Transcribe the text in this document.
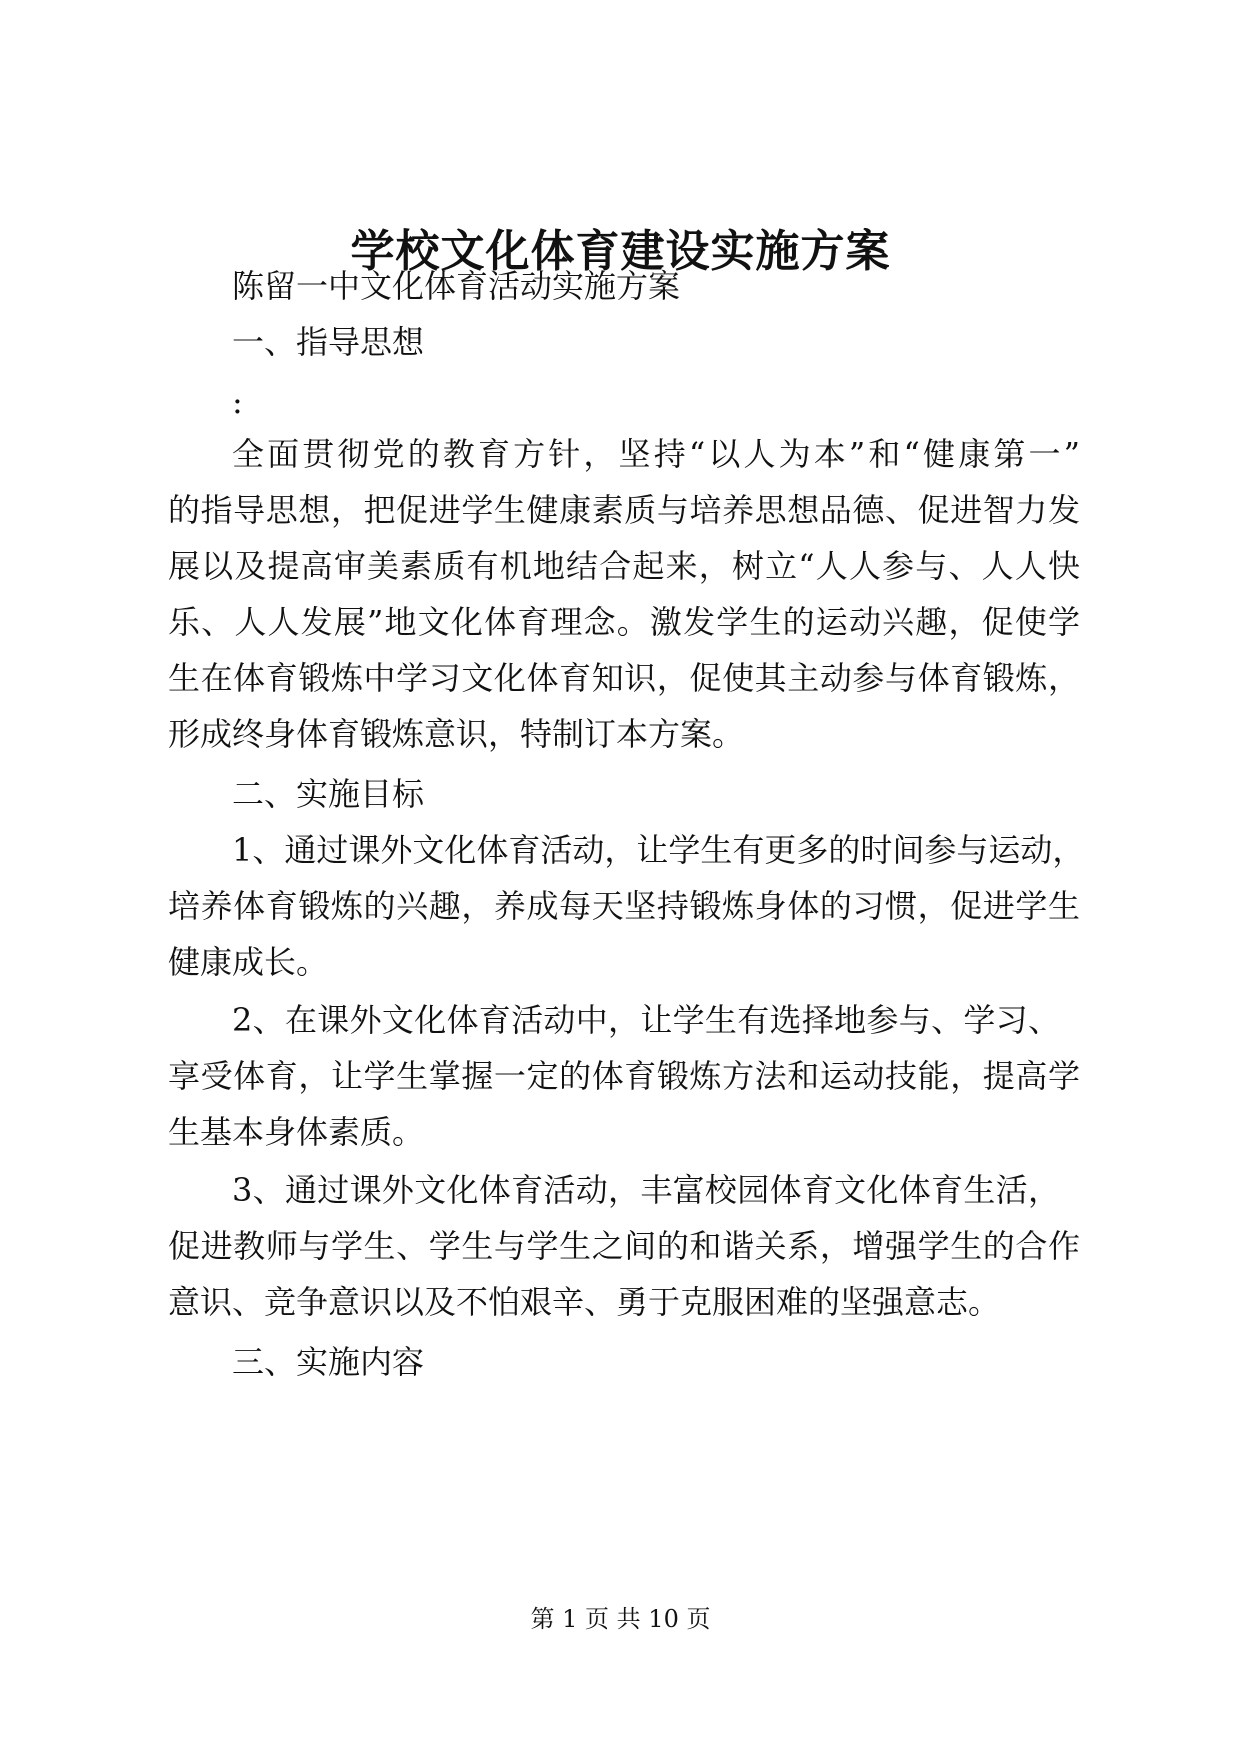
学校文化体育建设实施方案
陈留一中文化体育活动实施方案
一、指导思想
:
全面贯彻党的教育方针，坚持“以人为本”和“健康第一”
的指导思想，把促进学生健康素质与培养思想品德、促进智力发
展以及提高审美素质有机地结合起来，树立“人人参与、人人快
乐、人人发展”地文化体育理念。激发学生的运动兴趣，促使学
生在体育锻炼中学习文化体育知识，促使其主动参与体育锻炼，
形成终身体育锻炼意识，特制订本方案。
二、实施目标
1、通过课外文化体育活动，让学生有更多的时间参与运动，
培养体育锻炼的兴趣，养成每天坚持锻炼身体的习惯，促进学生
健康成长。
2、在课外文化体育活动中，让学生有选择地参与、学习、
享受体育，让学生掌握一定的体育锻炼方法和运动技能，提高学
生基本身体素质。
3、通过课外文化体育活动，丰富校园体育文化体育生活，
促进教师与学生、学生与学生之间的和谐关系，增强学生的合作
意识、竞争意识以及不怕艰辛、勇于克服困难的坚强意志。
三、实施内容
第 1 页 共 10 页
